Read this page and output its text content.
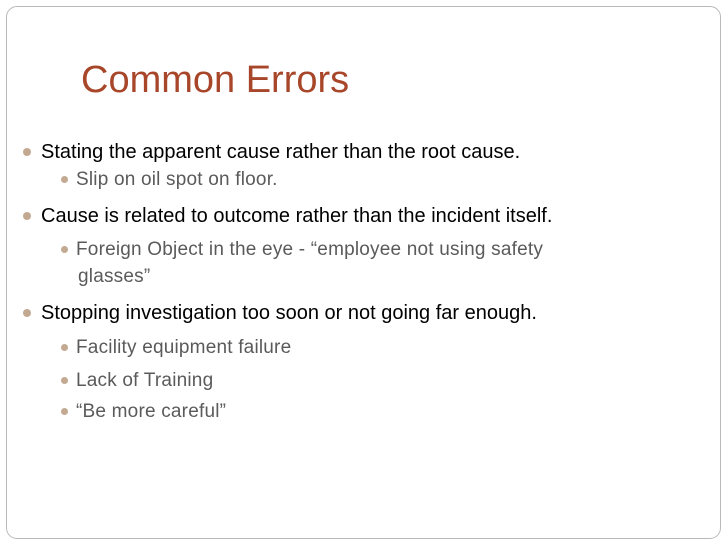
Common Errors
Stating the apparent cause rather than the root cause.
Slip on oil spot on floor.
Cause is related to outcome rather than the incident itself.
Foreign Object in the eye - “employee not using safety
glasses”
Stopping investigation too soon or not going far enough.
Facility equipment failure
Lack of Training
“Be more careful”
